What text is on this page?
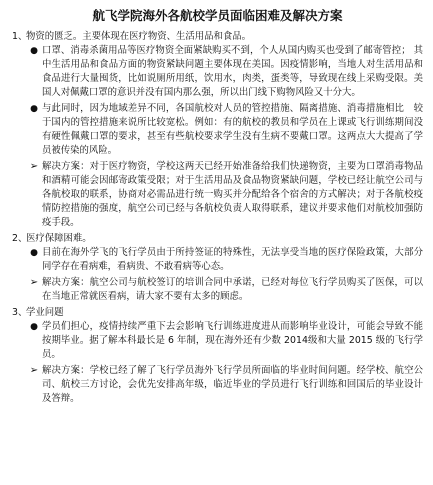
航飞学院海外各航校学员面临困难及解决方案
1、物资的匮乏。主要体现在医疗物资、生活用品和食品。
●
口罩、消毒杀菌用品等医疗物资全面紧缺购买不到，个人从国内购买也受到了邮寄管控； 其中生活用品和食品方面的物资紧缺问题主要体现在美国。因疫情影响，当地人对生活用品和食品进行大量囤货，比如说厕所用纸，饮用水，肉类，蛋类等，导致现在线上采购受限。美国人对佩戴口罩的意识并没有国内那么强，所以出门线下购物风险又十分大。
●
与此同时，因为地域差异不同，各国航校对人员的管控措施、隔离措施、消毒措施相比　较于国内的管控措施来说所比较宽松。例如：有的航校的教员和学员在上课或飞行训练期间没有硬性佩戴口罩的要求，甚至有些航校要求学生没有生病不要戴口罩。这两点大大提高了学员被传染的风险。
➢
解决方案：对于医疗物资，学校这两天已经开始准备给我们快递物资，主要为口罩消毒物品和酒精可能会因邮寄政策受限；对于生活用品及食品物资紧缺问题，学校已经让航空公司与各航校取的联系，协商对必需品进行统一购买并分配给各个宿舍的方式解决；对于各航校疫情防控措施的强度，航空公司已经与各航校负责人取得联系，建议并要求他们对航校加强防疫手段。
2、医疗保障困难。
●
目前在海外学飞的飞行学员由于所持签证的特殊性，无法享受当地的医疗保险政策，大部分同学存在看病难，看病贵、不敢看病等心态。
➢
解决方案：航空公司与航校签订的培训合同中承诺，已经对每位飞行学员购买了医保，可以在当地正常就医看病，请大家不要有太多的顾虑。
3、学业问题
●
学员们担心，疫情持续严重下去会影响飞行训练进度进从而影响毕业设计，可能会导致不能按期毕业。据了解本科最长是 6 年制，现在海外还有少数 2014级和大量 2015 级的飞行学员。
➢
解决方案：学校已经了解了飞行学员海外飞行学员所面临的毕业时间问题。经学校、航空公司、航校三方讨论，会优先安排高年级，临近毕业的学员进行飞行训练和回国后的毕业设计及答辩。
